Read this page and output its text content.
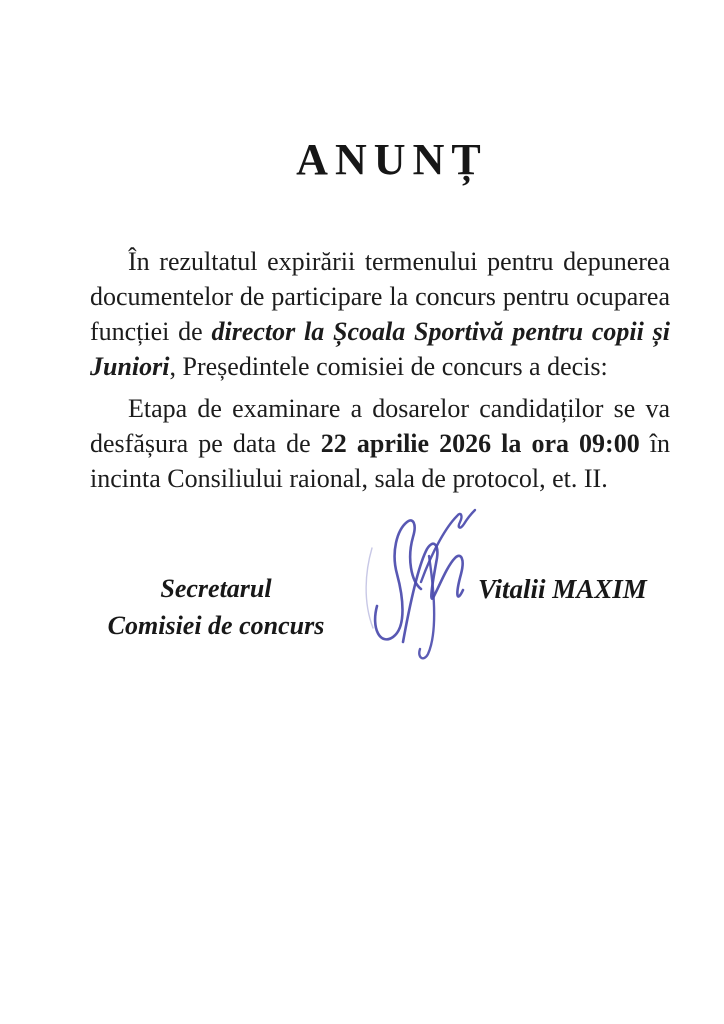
ANUNȚ

În rezultatul expirării termenului pentru depunerea documentelor de participare la concurs pentru ocuparea funcției de director la Școala Sportivă pentru copii și Juniori, Președintele comisiei de concurs a decis:

Etapa de examinare a dosarelor candidaților se va desfășura pe data de 22 aprilie 2026 la ora 09:00 în incinta Consiliului raional, sala de protocol, et. II.

Secretarul
Comisiei de concurs
Vitalii MAXIM
